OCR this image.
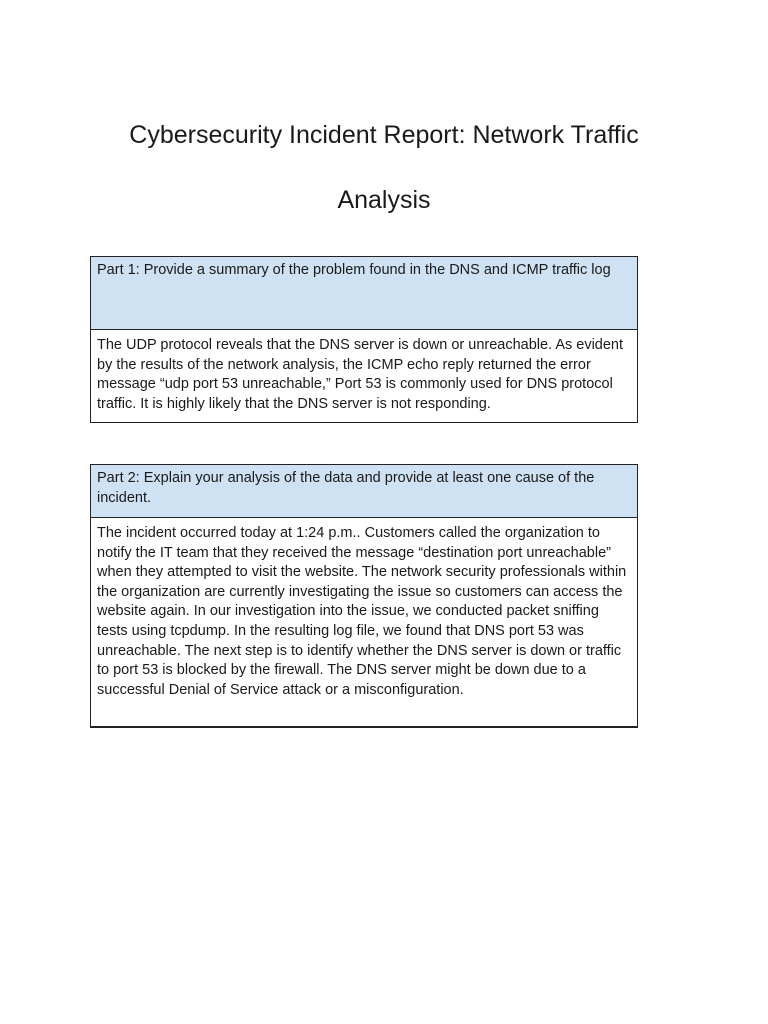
Cybersecurity Incident Report: Network Traffic
Analysis
Part 1: Provide a summary of the problem found in the DNS and ICMP traffic log
The UDP protocol reveals that the DNS server is down or unreachable. As evident by the results of the network analysis, the ICMP echo reply returned the error message “udp port 53 unreachable,” Port 53 is commonly used for DNS protocol traffic. It is highly likely that the DNS server is not responding.
Part 2: Explain your analysis of the data and provide at least one cause of the incident.
The incident occurred today at 1:24 p.m.. Customers called the organization to notify the IT team that they received the message “destination port unreachable” when they attempted to visit the website. The network security professionals within the organization are currently investigating the issue so customers can access the website again. In our investigation into the issue, we conducted packet sniffing tests using tcpdump. In the resulting log file, we found that DNS port 53 was unreachable. The next step is to identify whether the DNS server is down or traffic to port 53 is blocked by the firewall. The DNS server might be down due to a successful Denial of Service attack or a misconfiguration.
